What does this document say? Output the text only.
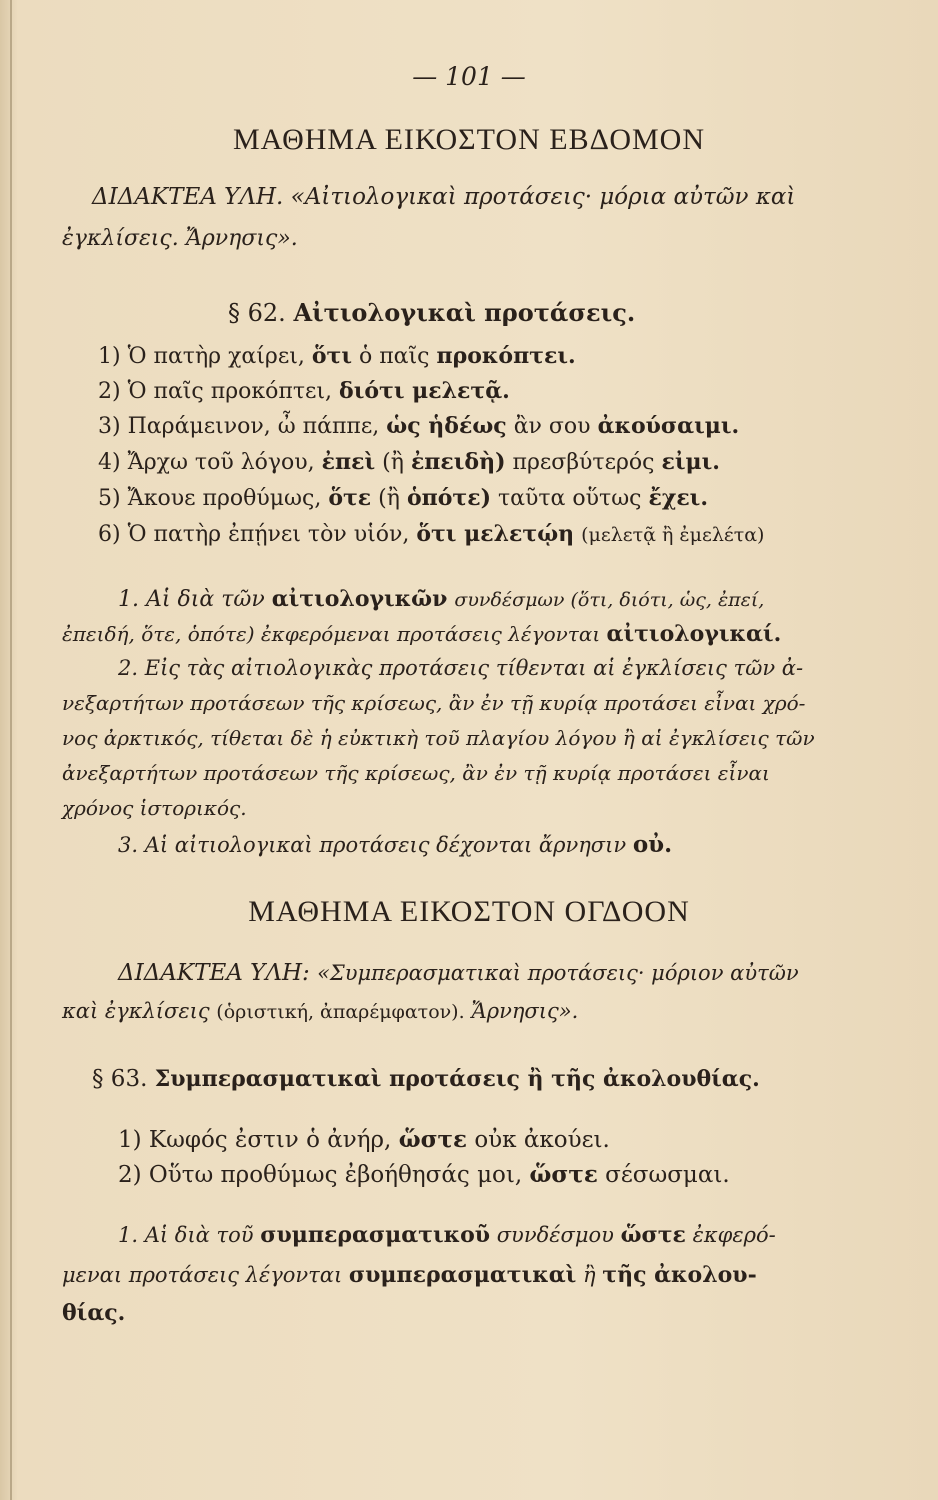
— 101 —
ΜΑΘΗΜΑ ΕΙΚΟΣΤΟΝ ΕΒΔΟΜΟΝ
ΔΙΔΑΚΤΕΑ ΥΛΗ. «Αἰτιολογικαὶ προτάσεις· μόρια αὐτῶν καὶ
ἐγκλίσεις. Ἄρνησις».
§ 62. Αἰτιολογικαὶ προτάσεις.
1) Ὁ πατὴρ χαίρει, ὅτι ὁ παῖς προκόπτει.
2) Ὁ παῖς προκόπτει, διότι μελετᾷ.
3) Παράμεινον, ὦ πάππε, ὡς ἡδέως ἂν σου ἀκούσαιμι.
4) Ἄρχω τοῦ λόγου, ἐπεὶ (ἢ ἐπειδὴ) πρεσβύτερός εἰμι.
5) Ἄκουε προθύμως, ὅτε (ἢ ὁπότε) ταῦτα οὕτως ἔχει.
6) Ὁ πατὴρ ἐπῄνει τὸν υἱόν, ὅτι μελετῴη (μελετᾷ ἢ ἐμελέτα)
1. Αἱ διὰ τῶν αἰτιολογικῶν συνδέσμων (ὅτι, διότι, ὡς, ἐπεί,
ἐπειδή, ὅτε, ὁπότε) ἐκφερόμεναι προτάσεις λέγονται αἰτιολογικαί.
2. Εἰς τὰς αἰτιολογικὰς προτάσεις τίθενται αἱ ἐγκλίσεις τῶν ἀ-
νεξαρτήτων προτάσεων τῆς κρίσεως, ἂν ἐν τῇ κυρίᾳ προτάσει εἶναι χρό-
νος ἀρκτικός, τίθεται δὲ ἡ εὐκτικὴ τοῦ πλαγίου λόγου ἢ αἱ ἐγκλίσεις τῶν
ἀνεξαρτήτων προτάσεων τῆς κρίσεως, ἂν ἐν τῇ κυρίᾳ προτάσει εἶναι
χρόνος ἱστορικός.
3. Αἱ αἰτιολογικαὶ προτάσεις δέχονται ἄρνησιν οὐ.
ΜΑΘΗΜΑ ΕΙΚΟΣΤΟΝ ΟΓΔΟΟΝ
ΔΙΔΑΚΤΕΑ ΥΛΗ: «Συμπερασματικαὶ προτάσεις· μόριον αὐτῶν
καὶ ἐγκλίσεις (ὁριστική, ἀπαρέμφατον). Ἄρνησις».
§ 63. Συμπερασματικαὶ προτάσεις ἢ τῆς ἀκολουθίας.
1) Κωφός ἐστιν ὁ ἀνήρ, ὥστε οὐκ ἀκούει.
2) Οὕτω προθύμως ἐβοήθησάς μοι, ὥστε σέσωσμαι.
1. Αἱ διὰ τοῦ συμπερασματικοῦ συνδέσμου ὥστε ἐκφερό-
μεναι προτάσεις λέγονται συμπερασματικαὶ ἢ τῆς ἀκολου-
θίας.
